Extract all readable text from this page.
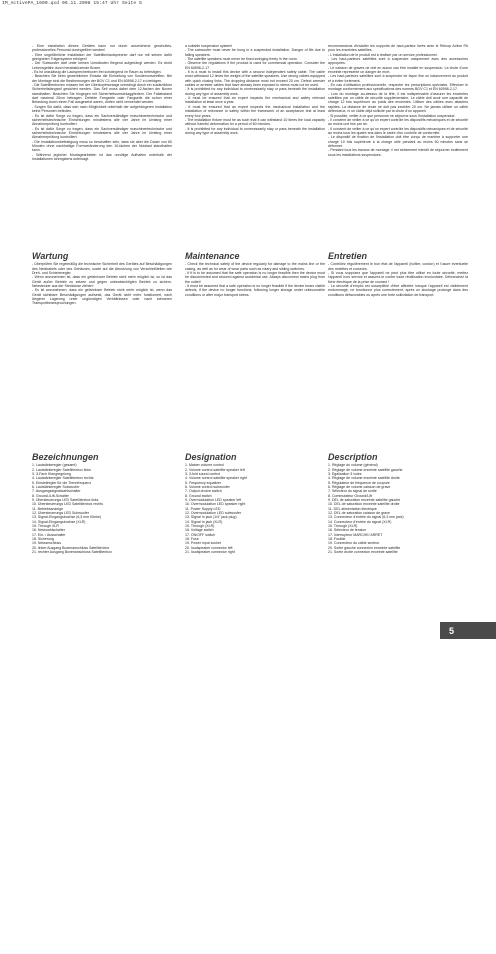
IM_ActivePA_1600.qxd 06.11.2008 15:47 Uhr Seite 5
- Eine Installation dieses Gerätes kann nur durch ausreichend geschultes, professionelles Personal durchgeführt werden!
- Eine ungefährliche Installation der Satellitenlautsprecher darf nur mit seinen dafür geeigneten Trägersystem erfolgen!
- Der Subwoofer darf unter keinen Umständen fliegend aufgehängt werden. Es droht Lebensgefahr durch herabstürzende Boxen.
- Es ist unzulässig die Lautsprecherboxen frei schwingend im Raum zu befestigen.
- Beachten Sie beim gewerblichen Einsatz die Einhaltung von Sondervorschriften. Bei der Montage sind die Bestimmungen der BGV C1 und EN 60598-2-17 zu befolgen.
- Die Satellitenboxen müssen bei der Überkopfmontage unbedingt durch ein zusätzliches Sicherheitsfangseil gesichert werden. Das Seil muss dabei dem 12-fachen der Boxen standhalten. Beachten Sie hingegen mit Sicherheitsumschlaggliedern. Der Fallabstand darf maximal 20cm betragen. Defekte Fangseile oder Fangseile die schon einer Belastung durch einen Fall ausgesetzt waren, dürfen nicht verwendet werden.
- Sorgen Sie dafür, dass sich nach Möglichkeit unterhalb der aufgehängeren Installation keine Personen befinden.
- Es ist dafür Sorge zu tragen, dass ein Sachverständiger maschinentechnische und sicherheitstechnische Einrichtungen mindestens alle vier Jahre im Umfang einer Abnahmeprüfung kontrolliert.
- Es ist dafür Sorge zu tragen, dass ein Sachverständiger maschinentechnische und sicherheitstechnische Einrichtungen mindestens alle vier Jahre im Umfang einer Abnahmeprüfung kontrolliert.
- Die Installationsbefestigung muss so beschaffen sein, dass sie aber die Dauer von 60 Minuten ohne nachhaltige Formveränderung den 10-fachen der Nutzlast standhalten kann.
- Während jeglicher Montagearbeiten ist das unnötige Aufhalten unterhalb der Installationen strengstens untersagt.
a suitable suspension system!
- The subwoofer must never be hung in a suspended installation. Danger of life due to falling speakers.
- The satellite speakers must never be fixed swinging freely in the room.
- Observe the regulations if the product is used for commercial operation. Consider the EN 60598-2-17.
- It is a must to install this device with a second independent safety cable. The cable must withstand 12 times the weight of the satellite speakers. Use strong cables equipped with quick closing links. The dropping distance must not exceed 20 cm. Defect arrester cables or arrester cables that have already been exposed to stress must not be used.
- It is prohibited for any individual to unnecessarily stay or pass beneath the installation during any type of assembly work.
- It must be ensured that an expert inspects the mechanical and safety relevant installation at least once a year.
- It must be ensured that an expert inspects the mechanical installation and the installation of relevance to safety within the framework of an acceptance test at least every four years.
- The installation fixture must be as such that it can withstand 10 times the load capacity without harmful deformation for a period of 60 minutes.
- It is prohibited for any individual to unnecessarily stay or pass beneath the installation during any type of assembly work.
recommandons d'installer les supports de haut-parleur livrés avec le Reloop Active PA pour les enceintes satellites.
- L'installation de le produit est à réaliser par un service professionnel.
- Les haut-parleurs satellites sont à suspendre uniquement avec des accessoires appropriés.
- Le caisson de graves ne doit en aucun cas être installé en suspension. La chute d'une enceinte représente un danger de mort.
- Les haut-parleurs satellites sont à suspendre de façon fixe un balancement du produit et à éviter fortement.
- En cas d'utilisation professionnelle, respecter les prescriptions spéciales. Effectuer le montage conformément aux spécifications des normes BGV C1 et EN 60598-2-17.
- Lors du montage au-dessus de la tête, il est indispensable d'assurer les enceintes satellites par un câble de sécurité supplémentaire. Le câble doit avoir une capacité de charge 12 fois supérieure au poids des enceintes. Utiliser des câbles avec attaches rapides. La distance de chute ne doit pas excéder 20 cm. Ne jamais utiliser un câble défectueux, ni un câble déjà sollicité par la chute d'un appareil.
- Si possible, veiller à ce que personne ne séjourne sous l'installation suspendue.
- Il convient de veiller à ce qu'un expert contrôle les dispositifs mécaniques et de sécurité au moins une fois par an.
- Il convient de veiller à ce qu'un expert contrôle les dispositifs mécaniques et de sécurité au moins tous les quatre ans dans le cadre d'un contrôle de conformité.
- Le dispositif de fixation de l'installation doit être conçu de manière à supporter une charge 10 fois supérieure à la charge utile pendant au moins 60 minutes sans se déformer.
- Pendant tous les travaux de montage, il est strictement interdit de séjourner inutilement sous les installations suspendues.
Wartung
- Überprüfen Sie regelmäßig die technische Sicherheit des Gerätes auf Beschädigungen des Netzkabels oder des Gehäuses, sowie auf die Abnutzung von Verschleißteilen wie Dreh- und Schieberegler.
- Wenn anzunehmen ist, dass ein gefahrloser Betrieb nicht mehr möglich ist, so ist das Gerät außer Betrieb zu setzen und gegen unbeabsichtigten Betrieb zu sichern. Netzstecker aus der Steckdose ziehen!
- Es ist anzunehmen, dass ein gefahrloser Betrieb nicht mehr möglich ist, wenn das Gerät sichtbare Beschädigungen aufweist, das Gerät nicht mehr funktioniert, nach längerer Lagerung unter ungünstigen Verhältnissen oder nach schweren Transportbeanspruchungen.
Maintenance
- Check the technical safety of the device regularly for damage to the mains line or the casing, as well as for wear of wear parts such as rotary and sliding switches.
- If it is to be assumed that the safe operation is no longer feasible then the device must be disconnected and secured against accidental use. Always disconnect mains plug from the outlet!
- It must be assumed that a safe operation is no longer feasible if the device bears visible defects, if the device no longer functions, following longer storage under unfavourable conditions or after major transport stress.
Entretien
- Contrôlez régulièrement le bon état de l'appareil (boîtier, cordon) et l'usure éventuelle des molettes et curseurs.
- Si vous supposez que l'appareil ne peut plus être utilisé en toute sécurité, mettez l'appareil hors service et assurez-le contre toute réutilisation involontaire. Débranchez la fiche électrique de la prise de courant !
- La sécurité d'emploi est susceptible d'être affectée lorsque l'appareil est visiblement endommagé, ne fonctionne plus correctement, après un stockage prolongé dans des conditions défavorables ou après une forte sollicitation de transport.
Bezeichnungen
1. Lautstärkeregler (gesamt)
2. Lautstärkeregler Satellitenbox links
3. 3-Fach Klangregelung
4. Lautstärkeregler Satellitenbox rechts
5. Einstellregler für die Trennfrequenz
6. Lautstärkeregler Subwoofer
7. Ausgangssignalwahlschalter
8. Ground-/Lift-Schalter
9. Übersteuerungs LED Satellitenbox links
10. Übersteuerungs LED Satellitenbox rechts
11. Betriebsanzeige
12. Übersteuerungs LED Subwoofer
13. Signal-Eingangsbuchse (6,3 mm Klinke)
14. Signal-Eingangsbuchse (XLR)
15. Through XLR
16. Netzwahlschalter
17. Ein- / Ausschalter
18. Sicherung
19. Netzanschluss
20. linker Ausgang Boxenanschluss Satellitenbox
21. rechter Ausgang Boxenanschluss Satellitenbox
Designation
1. Master volume control
2. Volume control satellite speaker left
3. 3-fold sound control
4. Volume control satellite speaker right
5. Frequency equalizer
6. Volume control subwoofer
7. Output choice switch
8. Ground switch
9. Overmodulation LED speaker left
10. Overmodulation LED speaker right
11. Power Supply LED
12. Overmodulation LED subwoofer
13. Signal In jack (1/4" jack plug)
14. Signal In jack (XLR)
15. Through (XLR)
16. Voltage switch
17. ON/OFF switch
18. Fuse
19. Power input socket
20. loudspeaker connector left
21. loudspeaker connector right
Description
1. Réglage du volume (général)
2. Réglage de volume enceinte satellite gauche
3. Égalisation 3 voies
4. Réglage de volume enceinte satellite droite
5. Régulateur de fréquence de coupure
6. Réglage de volume caisson de grave
7. Sélecteur du signal de sortie
8. Commutateur Ground/Lift
9. DEL de saturation enceinte satellite gauche
10. DEL de saturation enceinte satellite droite
11. DEL alimentation électrique
12. DEL de saturation caisson de grave
13. Connecteur d'entrée du signal (6,3 mm jack)
14. Connecteur d'entrée du signal (XLR)
15. Through (XLR)
16. Sélecteur de tension
17. Interrupteur MARCHE/ ARRÊT
18. Fusible
19. Connecteur du câble secteur
20. Sortie gauche connexion enceinte satellite
21. Sortie droite connexion enceinte satellite
5
